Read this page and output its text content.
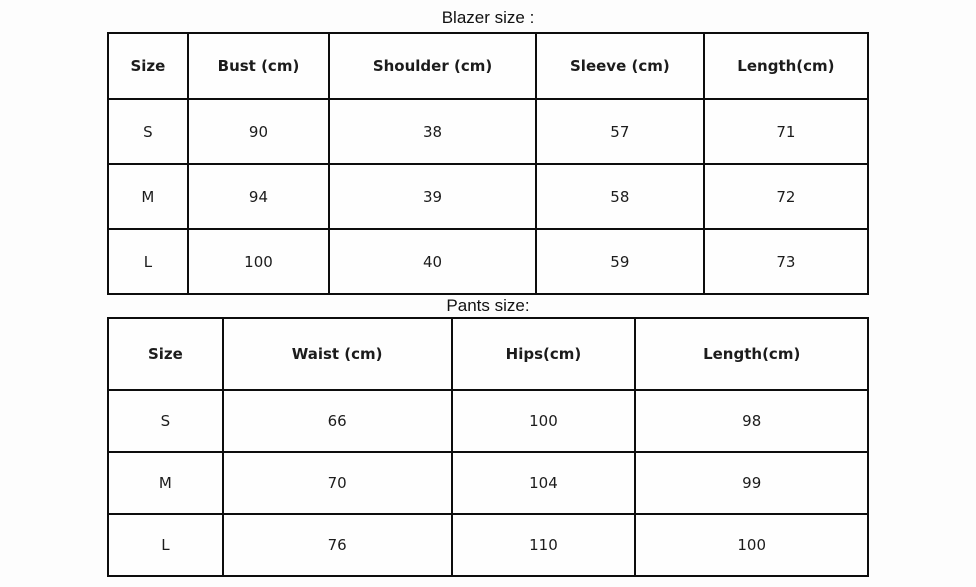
Blazer size :
Size	Bust (cm)	Shoulder (cm)	Sleeve (cm)	Length(cm)
S	90	38	57	71
M	94	39	58	72
L	100	40	59	73
Pants size:
Size	Waist (cm)	Hips(cm)	Length(cm)
S	66	100	98
M	70	104	99
L	76	110	100
